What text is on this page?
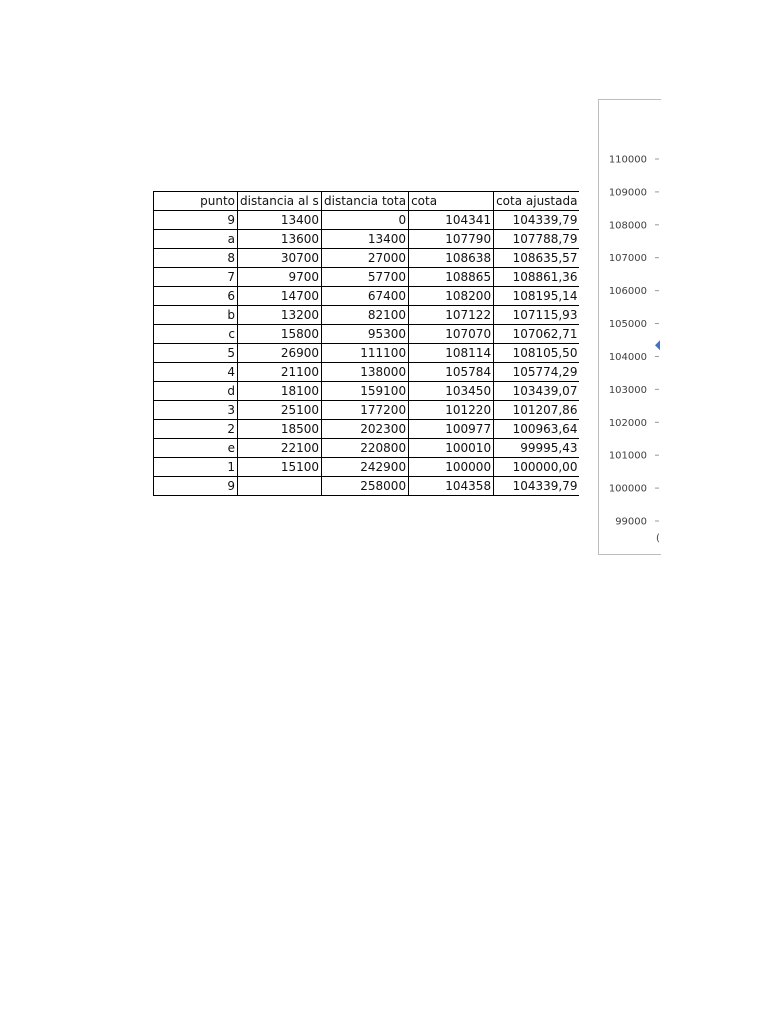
punto	distancia al s	distancia tota	cota	cota ajustada
9	13400	0	104341	104339,79
a	13600	13400	107790	107788,79
8	30700	27000	108638	108635,57
7	9700	57700	108865	108861,36
6	14700	67400	108200	108195,14
b	13200	82100	107122	107115,93
c	15800	95300	107070	107062,71
5	26900	111100	108114	108105,50
4	21100	138000	105784	105774,29
d	18100	159100	103450	103439,07
3	25100	177200	101220	101207,86
2	18500	202300	100977	100963,64
e	22100	220800	100010	99995,43
1	15100	242900	100000	100000,00
9		258000	104358	104339,79
110000
109000
108000
107000
106000
105000
104000
103000
102000
101000
100000
99000
(
